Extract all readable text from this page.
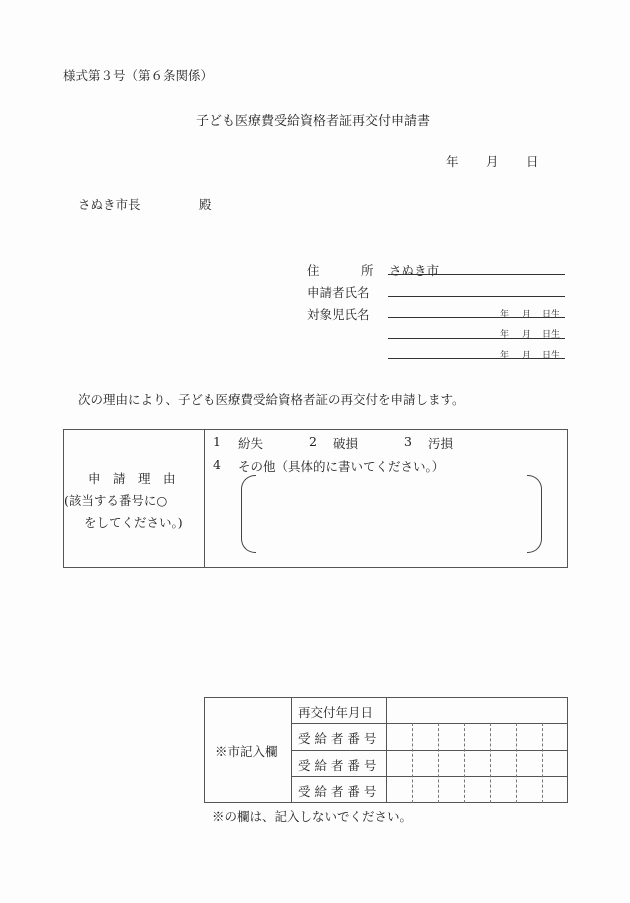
様式第３号（第６条関係）
子ども医療費受給資格者証再交付申請書
年 月 日
さぬき市長	殿
住	所 さぬき市
申請者氏名
対象児氏名	年 月 日生
年 月 日生
年 月 日生
次の理由により、子ども医療費受給資格者証の再交付を申請します。
申　請　理　由
(該当する番号に○
をしてください。)
1 紛失	2 破損	3 汚損
4 その他（具体的に書いてください。）
※市記入欄
再交付年月日
受 給 者 番 号
受 給 者 番 号
受 給 者 番 号
※の欄は、記入しないでください。
